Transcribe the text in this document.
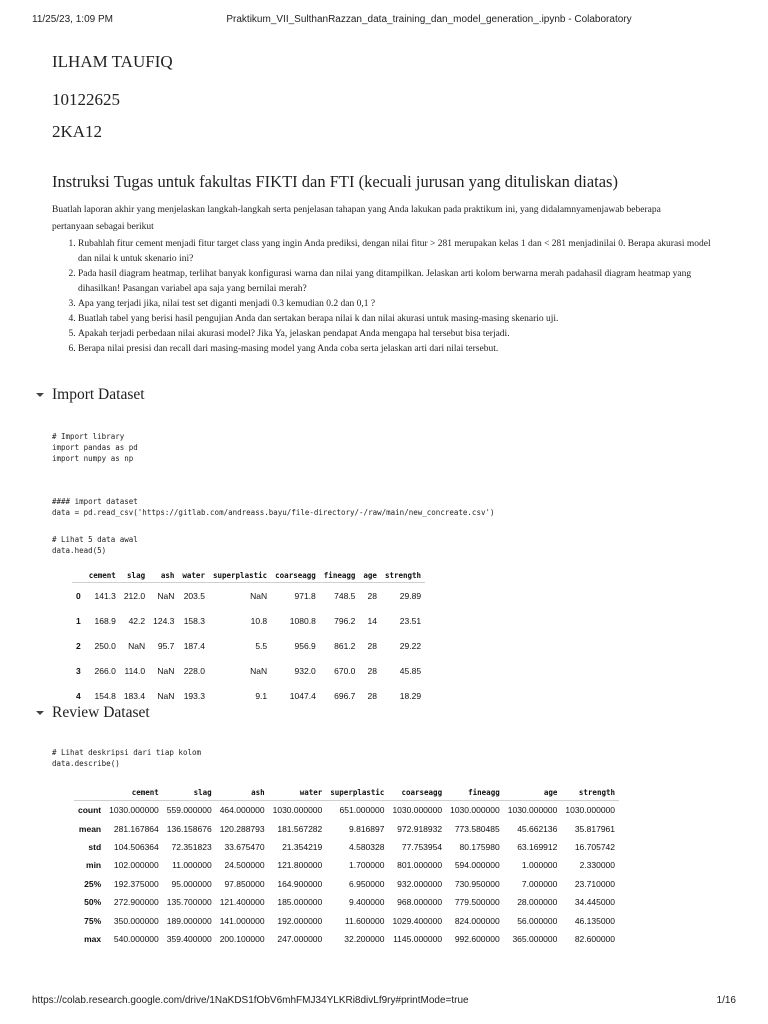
11/25/23, 1:09 PM	Praktikum_VII_SulthanRazzan_data_training_dan_model_generation_.ipynb - Colaboratory
ILHAM TAUFIQ
10122625
2KA12
Instruksi Tugas untuk fakultas FIKTI dan FTI (kecuali jurusan yang dituliskan diatas)

Buatlah laporan akhir yang menjelaskan langkah-langkah serta penjelasan tahapan yang Anda lakukan pada praktikum ini, yang didalamnyamenjawab beberapa pertanyaan sebagai berikut

1. Rubahlah fitur cement menjadi fitur target class yang ingin Anda prediksi, dengan nilai fitur > 281 merupakan kelas 1 dan < 281 menjadinilai 0. Berapa akurasi model dan nilai k untuk skenario ini?
2. Pada hasil diagram heatmap, terlihat banyak konfigurasi warna dan nilai yang ditampilkan. Jelaskan arti kolom berwarna merah padahasil diagram heatmap yang dihasilkan! Pasangan variabel apa saja yang bernilai merah?
3. Apa yang terjadi jika, nilai test set diganti menjadi 0.3 kemudian 0.2 dan 0,1 ?
4. Buatlah tabel yang berisi hasil pengujian Anda dan sertakan berapa nilai k dan nilai akurasi untuk masing-masing skenario uji.
5. Apakah terjadi perbedaan nilai akurasi model? Jika Ya, jelaskan pendapat Anda mengapa hal tersebut bisa terjadi.
6. Berapa nilai presisi dan recall dari masing-masing model yang Anda coba serta jelaskan arti dari nilai tersebut.
Import Dataset
# Import library
import pandas as pd
import numpy as np
#### import dataset
data = pd.read_csv('https://gitlab.com/andreass.bayu/file-directory/-/raw/main/new_concreate.csv')
# Lihat 5 data awal
data.head(5)
	cement	slag	ash	water	superplastic	coarseagg	fineagg	age	strength
0	141.3	212.0	NaN	203.5	NaN	971.8	748.5	28	29.89
1	168.9	42.2	124.3	158.3	10.8	1080.8	796.2	14	23.51
2	250.0	NaN	95.7	187.4	5.5	956.9	861.2	28	29.22
3	266.0	114.0	NaN	228.0	NaN	932.0	670.0	28	45.85
4	154.8	183.4	NaN	193.3	9.1	1047.4	696.7	28	18.29
Review Dataset
# Lihat deskripsi dari tiap kolom
data.describe()
	cement	slag	ash	water	superplastic	coarseagg	fineagg	age	strength
count	1030.000000	559.000000	464.000000	1030.000000	651.000000	1030.000000	1030.000000	1030.000000	1030.000000
mean	281.167864	136.158676	120.288793	181.567282	9.816897	972.918932	773.580485	45.662136	35.817961
std	104.506364	72.351823	33.675470	21.354219	4.580328	77.753954	80.175980	63.169912	16.705742
min	102.000000	11.000000	24.500000	121.800000	1.700000	801.000000	594.000000	1.000000	2.330000
25%	192.375000	95.000000	97.850000	164.900000	6.950000	932.000000	730.950000	7.000000	23.710000
50%	272.900000	135.700000	121.400000	185.000000	9.400000	968.000000	779.500000	28.000000	34.445000
75%	350.000000	189.000000	141.000000	192.000000	11.600000	1029.400000	824.000000	56.000000	46.135000
max	540.000000	359.400000	200.100000	247.000000	32.200000	1145.000000	992.600000	365.000000	82.600000
https://colab.research.google.com/drive/1NaKDS1fObV6mhFMJ34YLKRi8divLf9ry#printMode=true	1/16
